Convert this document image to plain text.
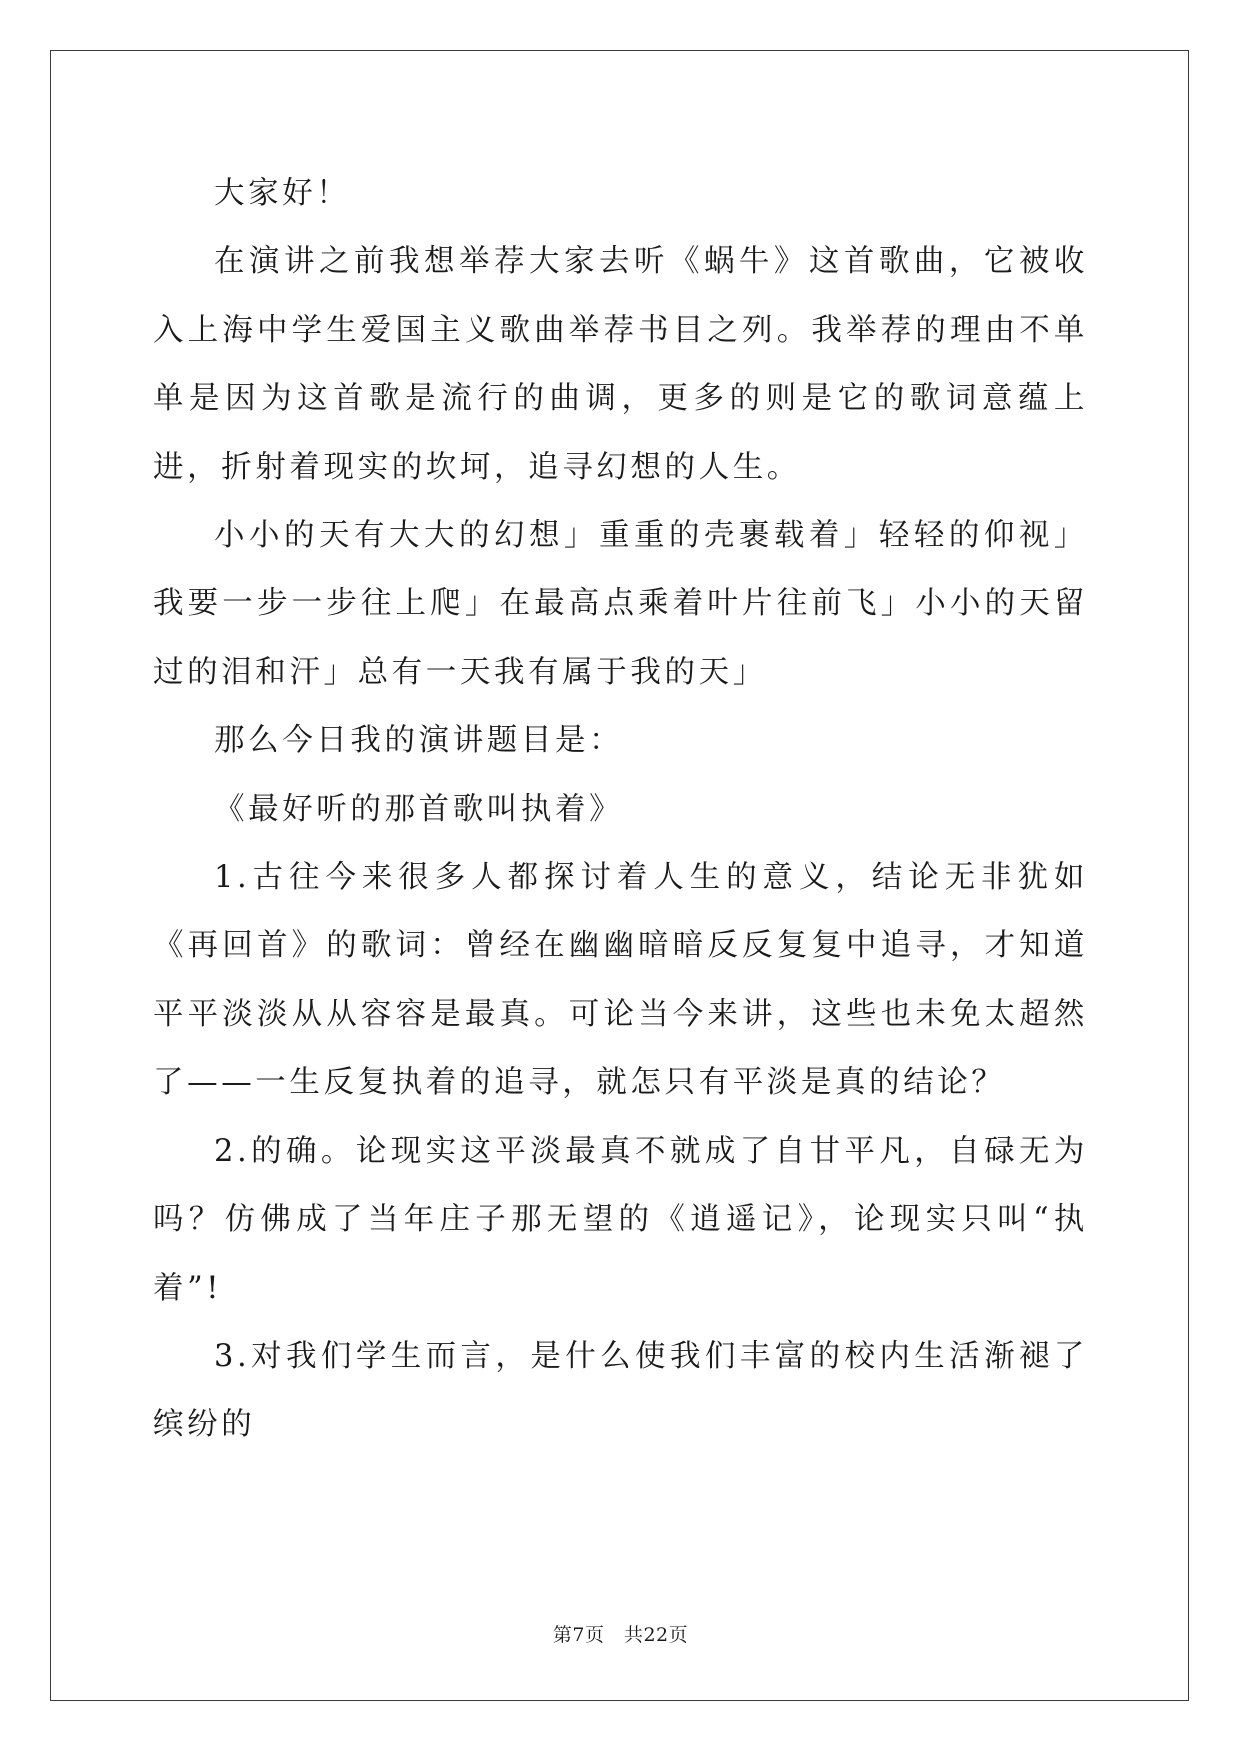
大家好！

在演讲之前我想举荐大家去听《蜗牛》这首歌曲，它被收入上海中学生爱国主义歌曲举荐书目之列。我举荐的理由不单单是因为这首歌是流行的曲调，更多的则是它的歌词意蕴上进，折射着现实的坎坷，追寻幻想的人生。

小小的天有大大的幻想」重重的壳裹载着」轻轻的仰视」我要一步一步往上爬」在最高点乘着叶片往前飞」小小的天留过的泪和汗」总有一天我有属于我的天」

那么今日我的演讲题目是：

《最好听的那首歌叫执着》

1.古往今来很多人都探讨着人生的意义，结论无非犹如《再回首》的歌词：曾经在幽幽暗暗反反复复中追寻，才知道平平淡淡从从容容是最真。可论当今来讲，这些也未免太超然了——一生反复执着的追寻，就怎只有平淡是真的结论？

2.的确。论现实这平淡最真不就成了自甘平凡，自碌无为吗？仿佛成了当年庄子那无望的《逍遥记》，论现实只叫“执着”!

3.对我们学生而言，是什么使我们丰富的校内生活渐褪了缤纷的

第7页　共22页
